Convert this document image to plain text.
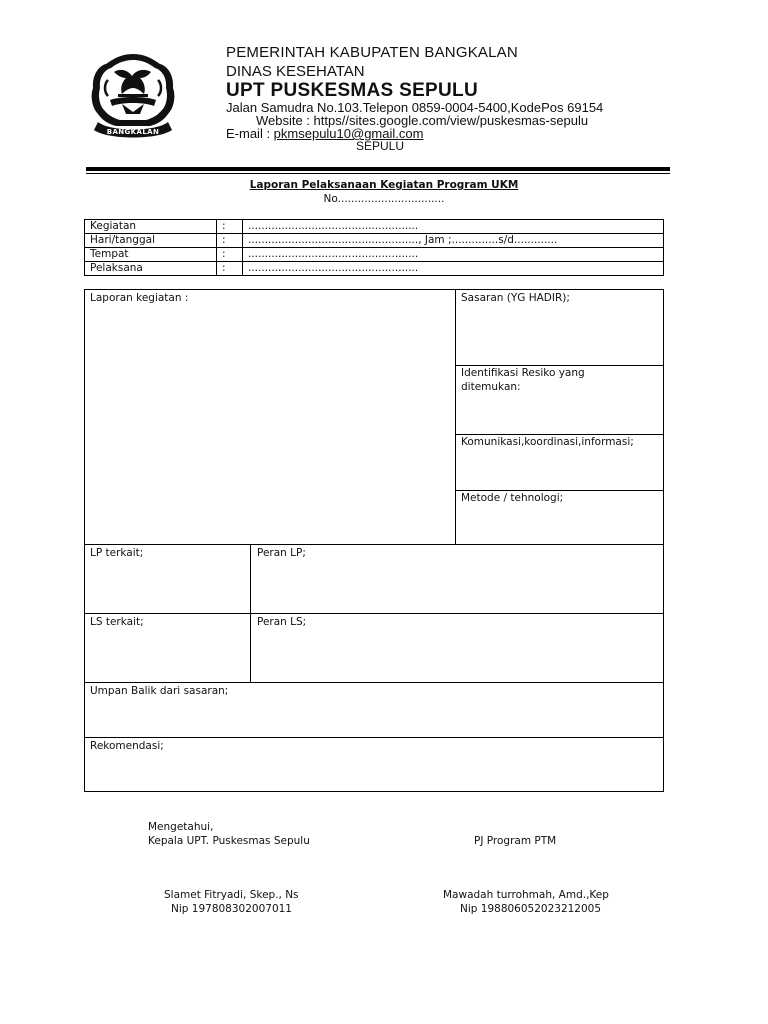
BANGKALAN
PEMERINTAH KABUPATEN BANGKALAN
DINAS KESEHATAN
UPT PUSKESMAS SEPULU
Jalan Samudra No.103.Telepon 0859-0004-5400,KodePos 69154
Website : https//sites.google.com/view/puskesmas-sepulu
E-mail : pkmsepulu10@gmail.com
SEPULU
Laporan Pelaksanaan Kegiatan Program UKM
No................................
Kegiatan	: ...................................................
Hari/tanggal	: ..................................................., Jam ;..............s/d.............
Tempat	: ...................................................
Pelaksana	: ...................................................
Laporan kegiatan :	Sasaran (YG HADIR);
Identifikasi Resiko yang
ditemukan:
Komunikasi,koordinasi,informasi;
Metode / tehnologi;
LP terkait;	Peran LP;
LS terkait;	Peran LS;
Umpan Balik dari sasaran;
Rekomendasi;
Mengetahui,
Kepala UPT. Puskesmas Sepulu	PJ Program PTM
Slamet Fitryadi, Skep., Ns
Nip 197808302007011
Mawadah turrohmah, Amd.,Kep
Nip 198806052023212005
